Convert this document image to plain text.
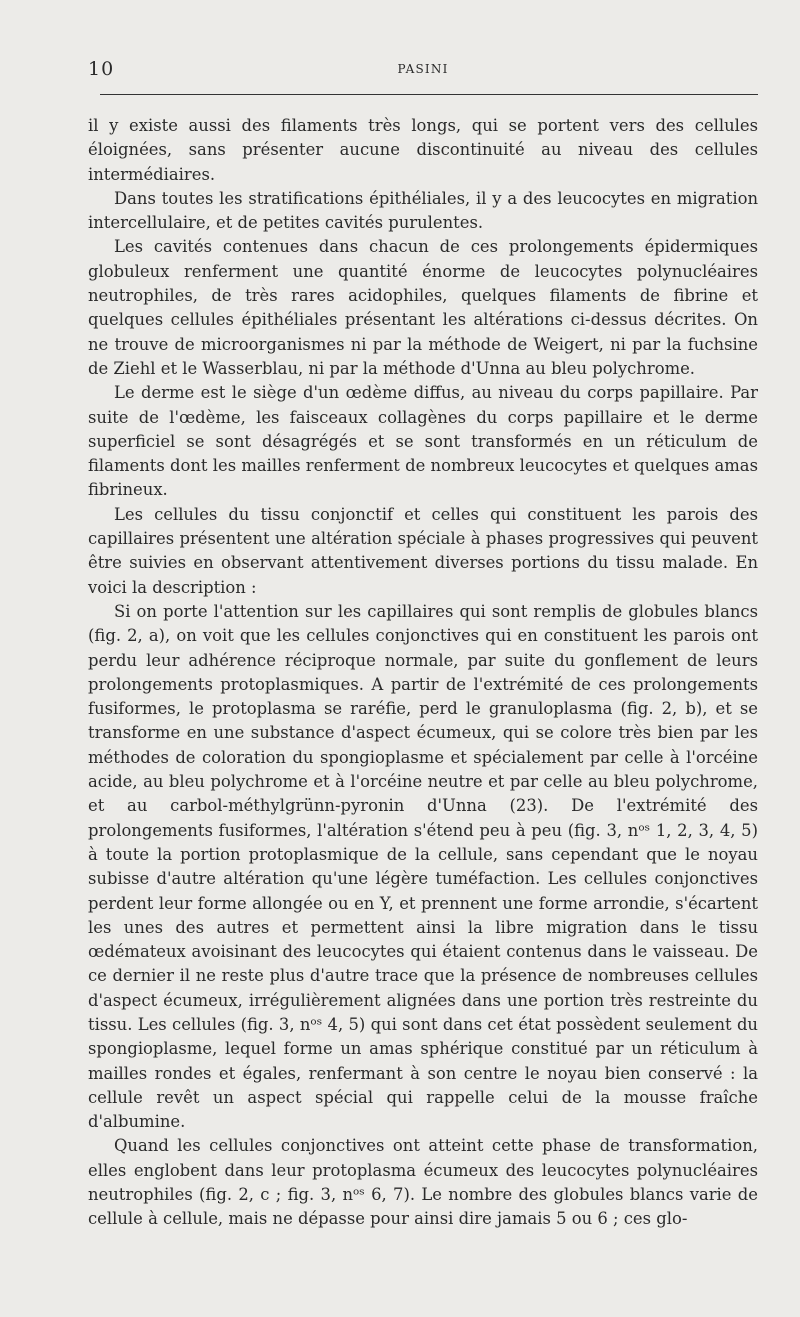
10	PASINI

il y existe aussi des filaments très longs, qui se portent vers des cellules éloignées, sans présenter aucune discontinuité au niveau des cellules intermédiaires.

Dans toutes les stratifications épithéliales, il y a des leucocytes en migration intercellulaire, et de petites cavités purulentes.

Les cavités contenues dans chacun de ces prolongements épidermiques globuleux renferment une quantité énorme de leucocytes polynucléaires neutrophiles, de très rares acidophiles, quelques filaments de fibrine et quelques cellules épithéliales présentant les altérations ci-dessus décrites. On ne trouve de microorganismes ni par la méthode de Weigert, ni par la fuchsine de Ziehl et le Wasserblau, ni par la méthode d'Unna au bleu polychrome.

Le derme est le siège d'un œdème diffus, au niveau du corps papillaire. Par suite de l'œdème, les faisceaux collagènes du corps papillaire et le derme superficiel se sont désagrégés et se sont transformés en un réticulum de filaments dont les mailles renferment de nombreux leucocytes et quelques amas fibrineux.

Les cellules du tissu conjonctif et celles qui constituent les parois des capillaires présentent une altération spéciale à phases progressives qui peuvent être suivies en observant attentivement diverses portions du tissu malade. En voici la description :

Si on porte l'attention sur les capillaires qui sont remplis de globules blancs (fig. 2, a), on voit que les cellules conjonctives qui en constituent les parois ont perdu leur adhérence réciproque normale, par suite du gonflement de leurs prolongements protoplasmiques. A partir de l'extrémité de ces prolongements fusiformes, le protoplasma se raréfie, perd le granuloplasma (fig. 2, b), et se transforme en une substance d'aspect écumeux, qui se colore très bien par les méthodes de coloration du spongioplasme et spécialement par celle à l'orcéine acide, au bleu polychrome et à l'orcéine neutre et par celle au bleu polychrome, et au carbol-méthylgrünn-pyronin d'Unna (23). De l'extrémité des prolongements fusiformes, l'altération s'étend peu à peu (fig. 3, nᵒˢ 1, 2, 3, 4, 5) à toute la portion protoplasmique de la cellule, sans cependant que le noyau subisse d'autre altération qu'une légère tuméfaction. Les cellules conjonctives perdent leur forme allongée ou en Y, et prennent une forme arrondie, s'écartent les unes des autres et permettent ainsi la libre migration dans le tissu œdémateux avoisinant des leucocytes qui étaient contenus dans le vaisseau. De ce dernier il ne reste plus d'autre trace que la présence de nombreuses cellules d'aspect écumeux, irrégulièrement alignées dans une portion très restreinte du tissu. Les cellules (fig. 3, nᵒˢ 4, 5) qui sont dans cet état possèdent seulement du spongioplasme, lequel forme un amas sphérique constitué par un réticulum à mailles rondes et égales, renfermant à son centre le noyau bien conservé : la cellule revêt un aspect spécial qui rappelle celui de la mousse fraîche d'albumine.

Quand les cellules conjonctives ont atteint cette phase de transformation, elles englobent dans leur protoplasma écumeux des leucocytes polynucléaires neutrophiles (fig. 2, c ; fig. 3, nᵒˢ 6, 7). Le nombre des globules blancs varie de cellule à cellule, mais ne dépasse pour ainsi dire jamais 5 ou 6 ; ces glo-
